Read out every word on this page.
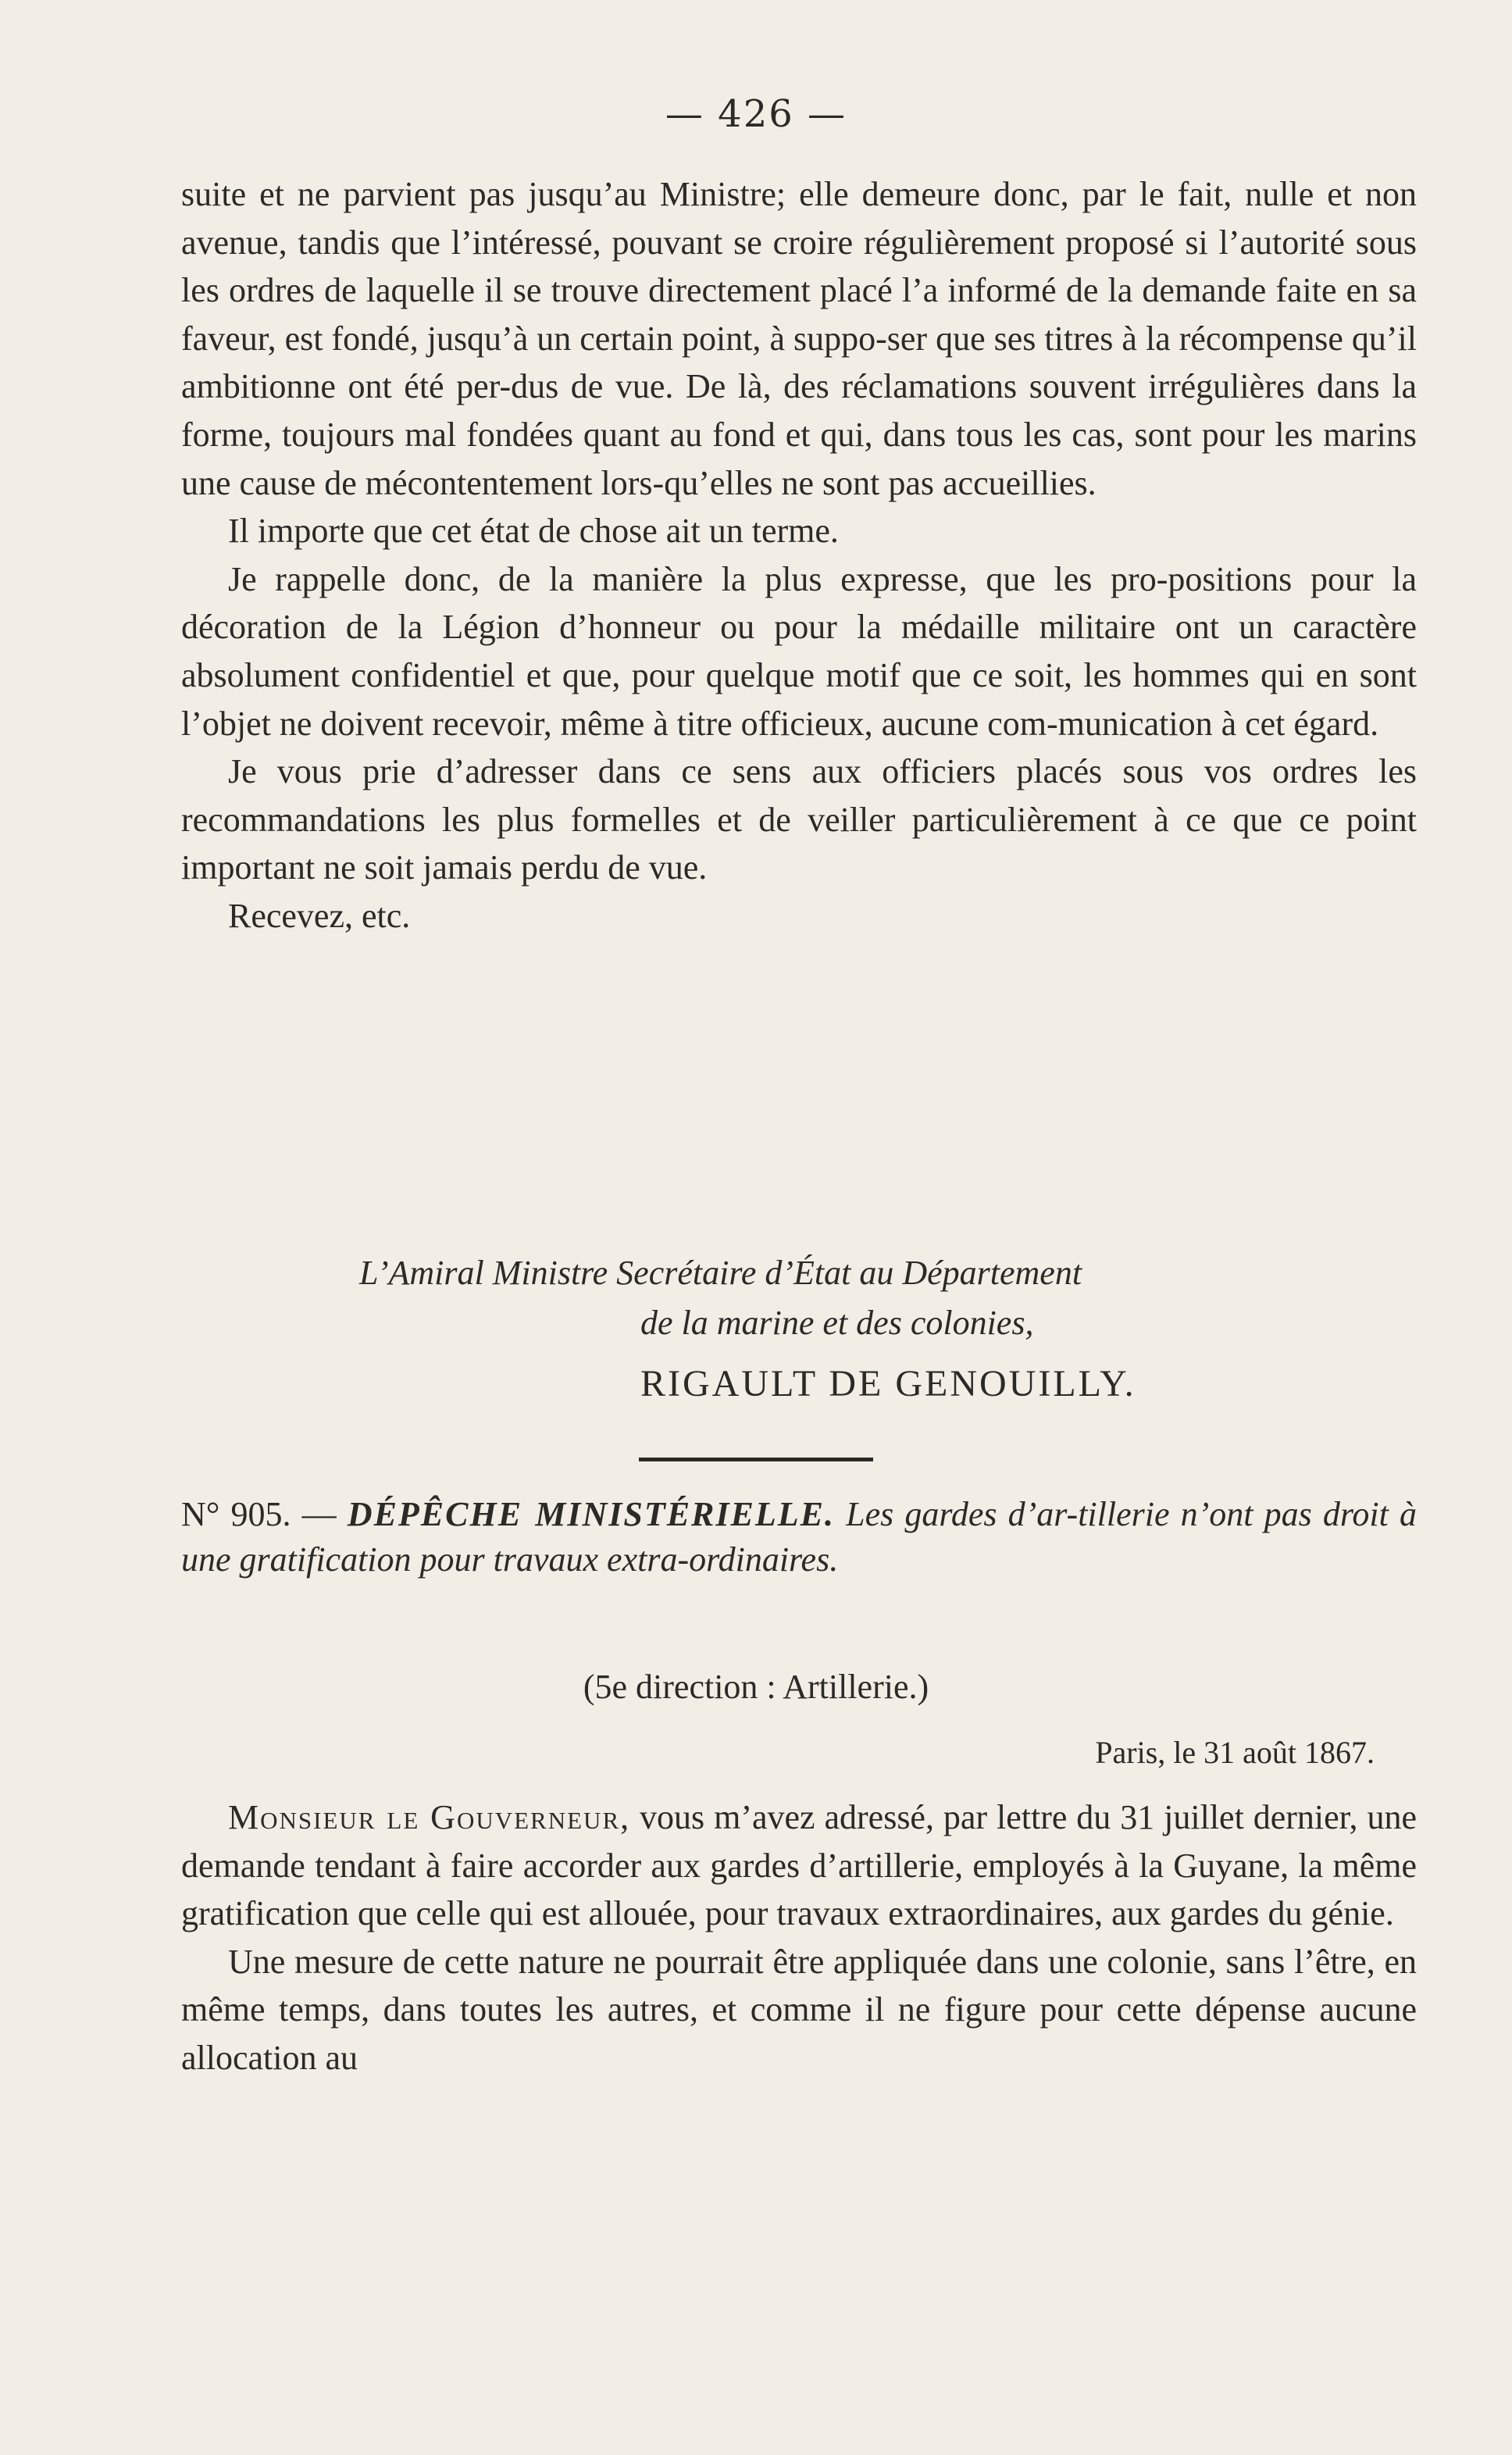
— 426 —

suite et ne parvient pas jusqu’au Ministre; elle demeure donc, par le fait, nulle et non avenue, tandis que l’intéressé, pouvant se croire régulièrement proposé si l’autorité sous les ordres de laquelle il se trouve directement placé l’a informé de la demande faite en sa faveur, est fondé, jusqu’à un certain point, à suppo-ser que ses titres à la récompense qu’il ambitionne ont été per-dus de vue. De là, des réclamations souvent irrégulières dans la forme, toujours mal fondées quant au fond et qui, dans tous les cas, sont pour les marins une cause de mécontentement lors-qu’elles ne sont pas accueillies.

Il importe que cet état de chose ait un terme.

Je rappelle donc, de la manière la plus expresse, que les pro-positions pour la décoration de la Légion d’honneur ou pour la médaille militaire ont un caractère absolument confidentiel et que, pour quelque motif que ce soit, les hommes qui en sont l’objet ne doivent recevoir, même à titre officieux, aucune com-munication à cet égard.

Je vous prie d’adresser dans ce sens aux officiers placés sous vos ordres les recommandations les plus formelles et de veiller particulièrement à ce que ce point important ne soit jamais perdu de vue.

Recevez, etc.

L’Amiral Ministre Secrétaire d’État au Département
de la marine et des colonies,
RIGAULT DE GENOUILLY.
N° 905. — DÉPÊCHE MINISTÉRIELLE. Les gardes d’ar-tillerie n’ont pas droit à une gratification pour travaux extra-ordinaires.
(5e direction : Artillerie.)
Paris, le 31 août 1867.

Monsieur le Gouverneur, vous m’avez adressé, par lettre du 31 juillet dernier, une demande tendant à faire accorder aux gardes d’artillerie, employés à la Guyane, la même gratification que celle qui est allouée, pour travaux extraordinaires, aux gardes du génie.

Une mesure de cette nature ne pourrait être appliquée dans une colonie, sans l’être, en même temps, dans toutes les autres, et comme il ne figure pour cette dépense aucune allocation au
